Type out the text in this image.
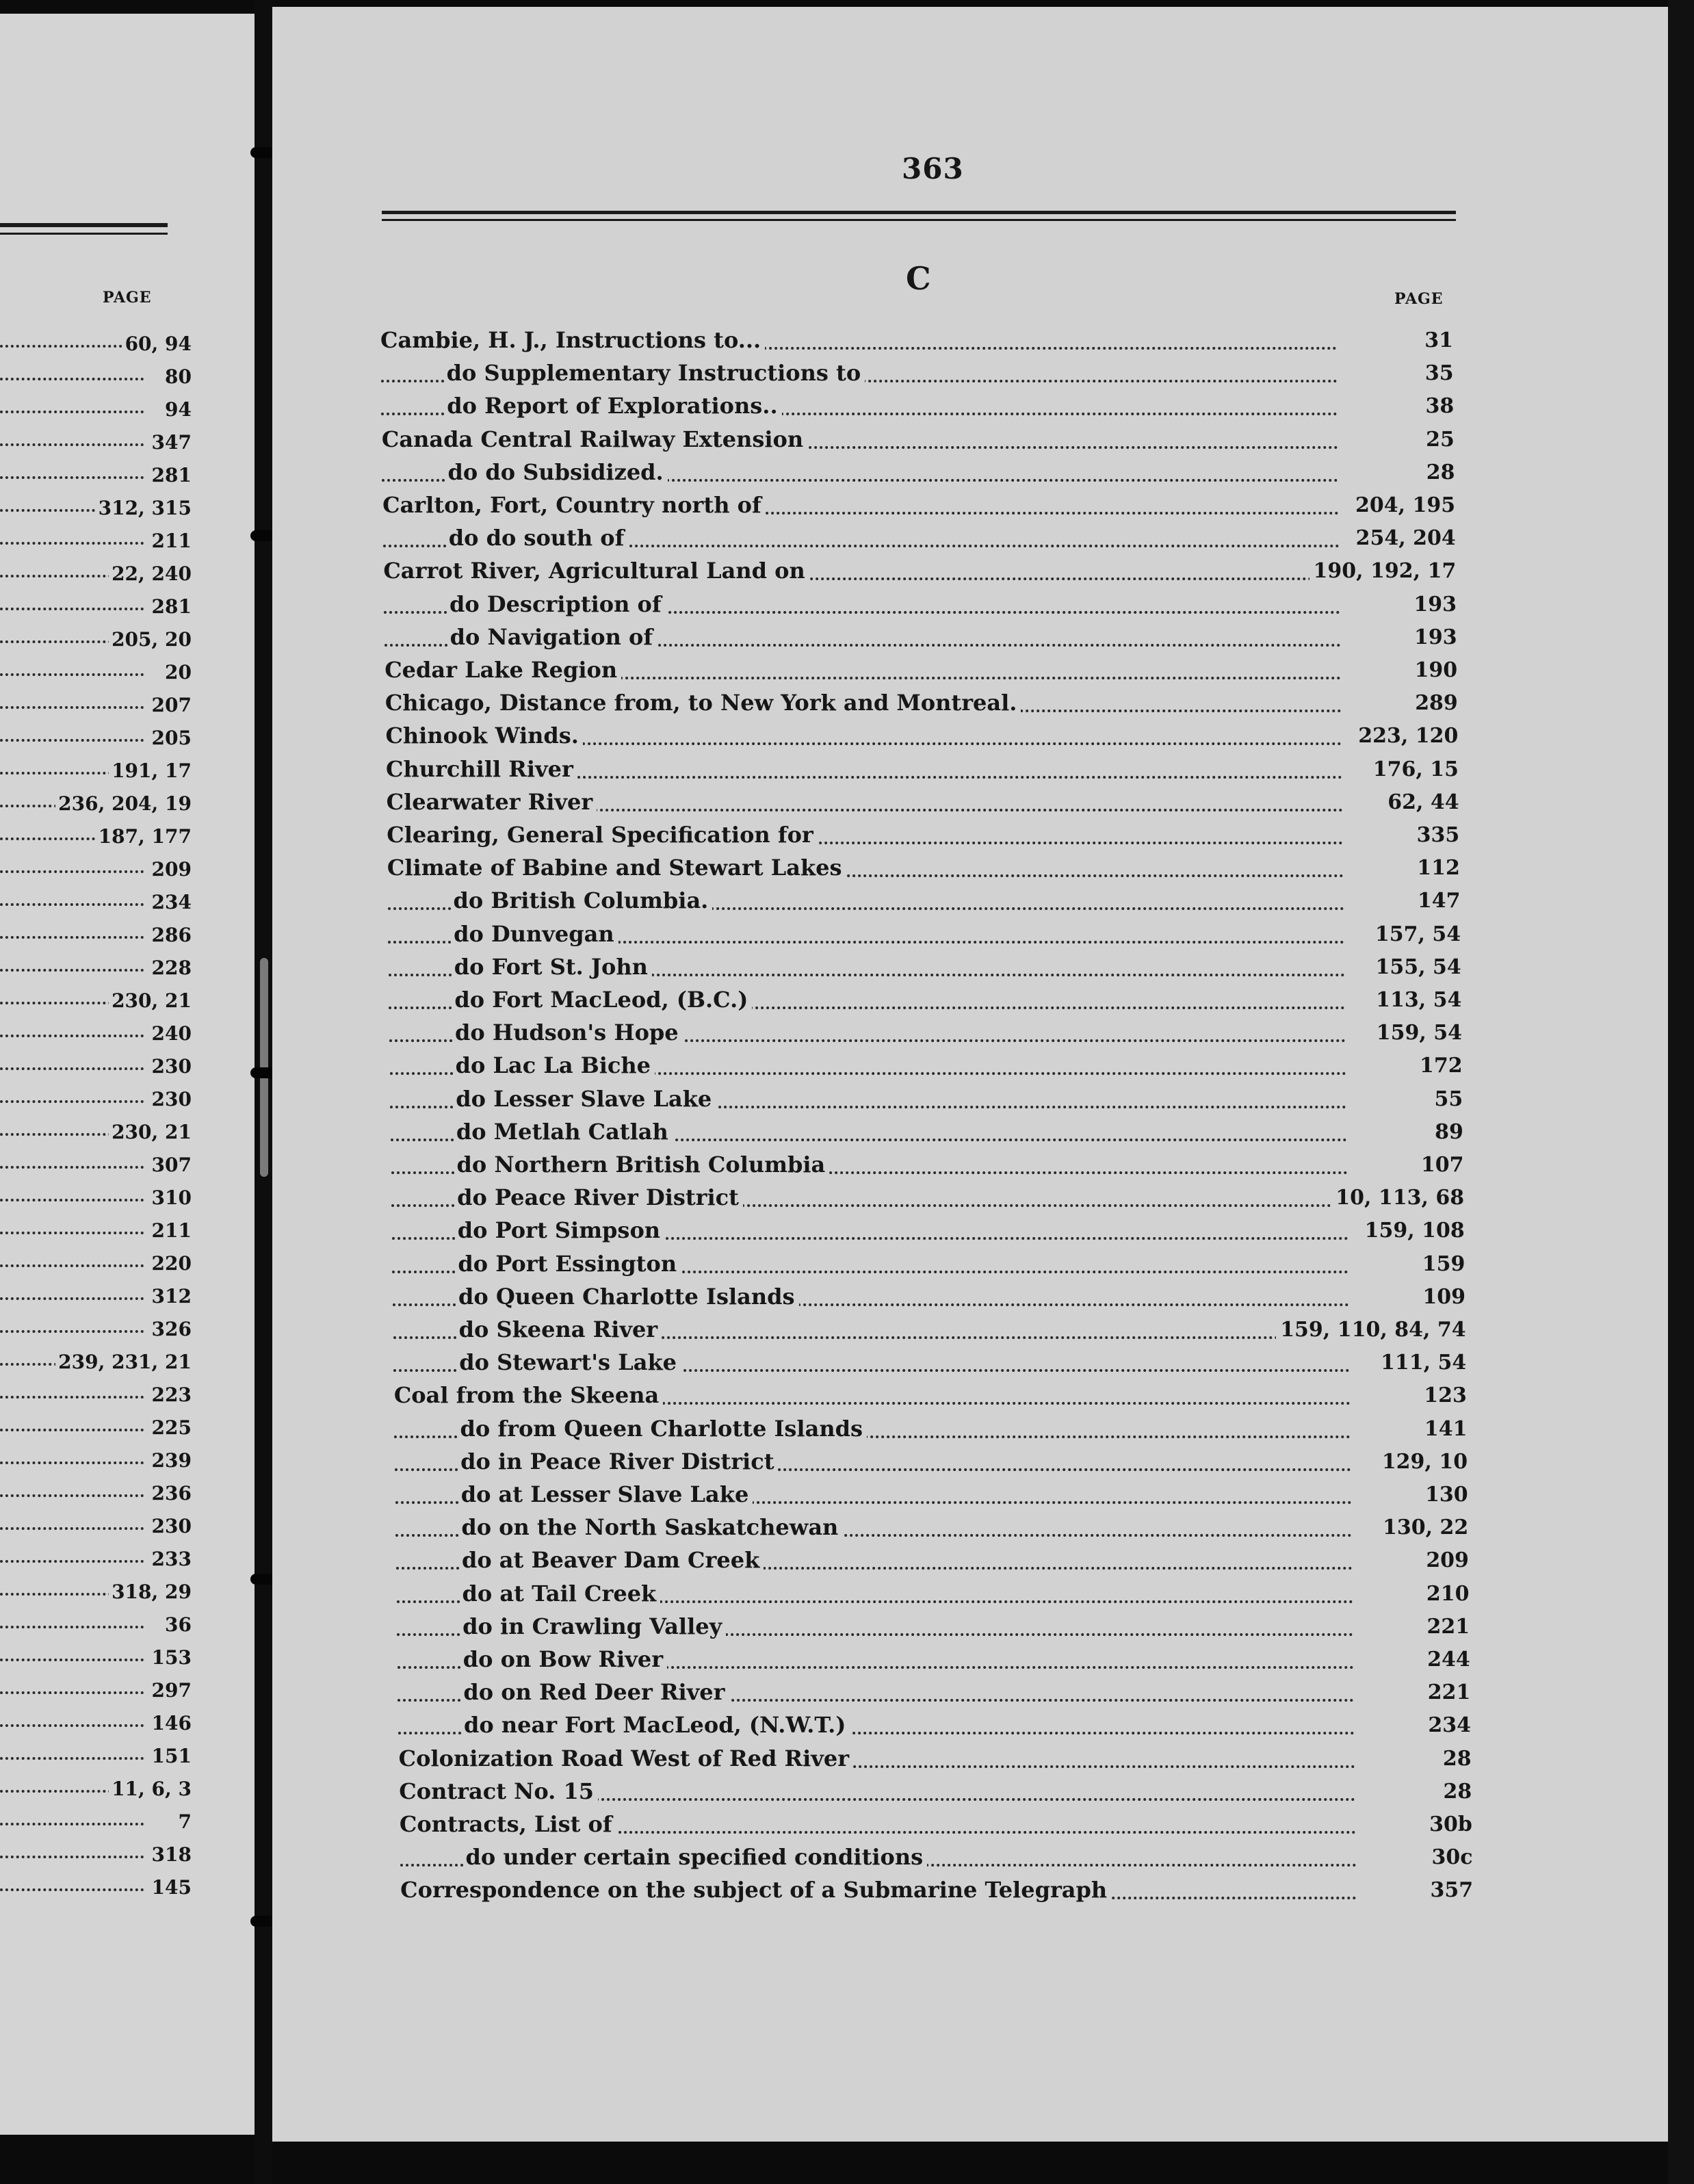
PAGE
60, 94
80
94
347
281
312, 315
211
22, 240
281
205, 20
20
207
205
191, 17
236, 204, 19
187, 177
209
234
286
228
230, 21
240
230
230
230, 21
307
310
211
220
312
326
239, 231, 21
223
225
239
236
230
233
318, 29
36
153
297
146
151
11, 6, 3
7
318
145
363
C
PAGE
Cambie, H. J., Instructions to...	31
do Supplementary Instructions to	35
do Report of Explorations..	38
Canada Central Railway Extension	25
do do Subsidized.	28
Carlton, Fort, Country north of	204, 195
do do south of	254, 204
Carrot River, Agricultural Land on	190, 192, 17
do Description of	193
do Navigation of	193
Cedar Lake Region	190
Chicago, Distance from, to New York and Montreal.	289
Chinook Winds.	223, 120
Churchill River	176, 15
Clearwater River	62, 44
Clearing, General Specification for	335
Climate of Babine and Stewart Lakes	112
do British Columbia.	147
do Dunvegan	157, 54
do Fort St. John	155, 54
do Fort MacLeod, (B.C.)	113, 54
do Hudson's Hope	159, 54
do Lac La Biche	172
do Lesser Slave Lake	55
do Metlah Catlah	89
do Northern British Columbia	107
do Peace River District	10, 113, 68
do Port Simpson	159, 108
do Port Essington	159
do Queen Charlotte Islands	109
do Skeena River	159, 110, 84, 74
do Stewart's Lake	111, 54
Coal from the Skeena	123
do from Queen Charlotte Islands	141
do in Peace River District	129, 10
do at Lesser Slave Lake	130
do on the North Saskatchewan	130, 22
do at Beaver Dam Creek	209
do at Tail Creek	210
do in Crawling Valley	221
do on Bow River	244
do on Red Deer River	221
do near Fort MacLeod, (N.W.T.)	234
Colonization Road West of Red River	28
Contract No. 15	28
Contracts, List of	30b
do under certain specified conditions	30c
Correspondence on the subject of a Submarine Telegraph	357
